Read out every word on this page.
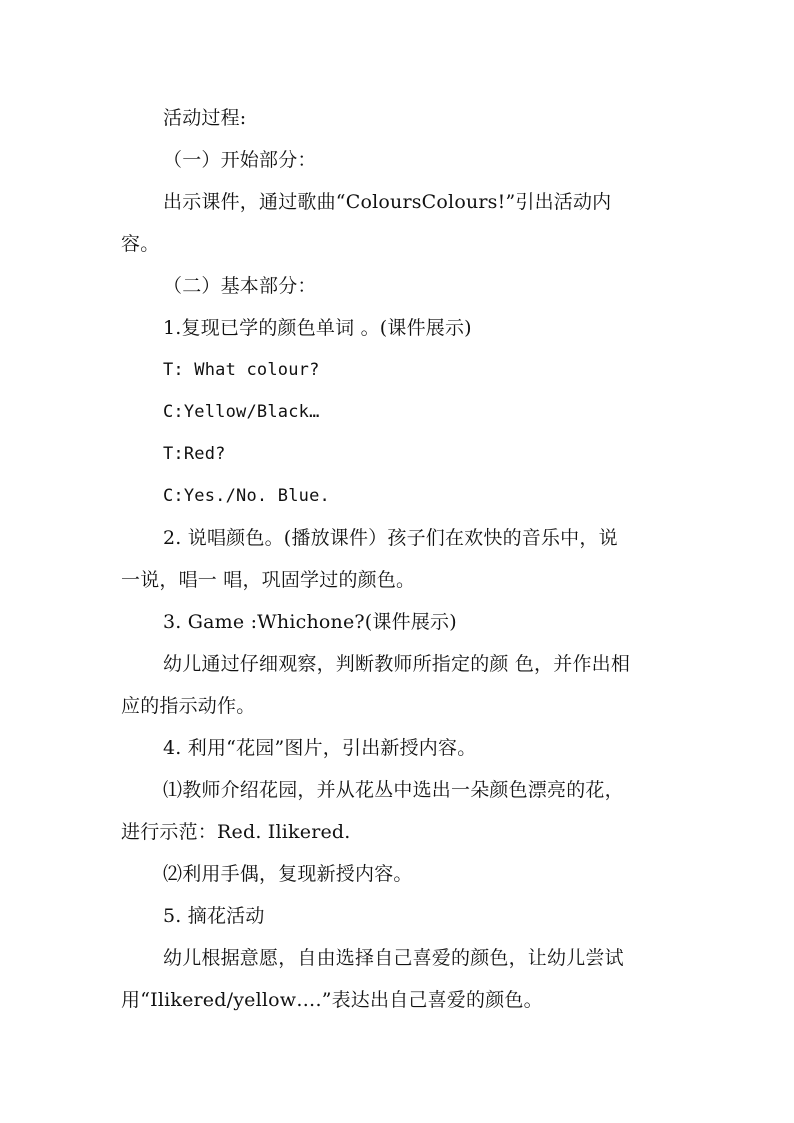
活动过程:
（一）开始部分：
出示课件，通过歌曲“ColoursColours!”引出活动内
容。
（二）基本部分：
1.复现已学的颜色单词 。(课件展示)
T: What colour?
C:Yellow/Black…
T:Red?
C:Yes./No. Blue.
2. 说唱颜色。(播放课件）孩子们在欢快的音乐中，说
一说，唱一 唱，巩固学过的颜色。
3. Game :Whichone?(课件展示)
幼儿通过仔细观察，判断教师所指定的颜 色，并作出相
应的指示动作。
4. 利用“花园”图片，引出新授内容。
⑴教师介绍花园，并从花丛中选出一朵颜色漂亮的花，
进行示范：Red. Ilikered.
⑵利用手偶，复现新授内容。
5. 摘花活动
幼儿根据意愿，自由选择自己喜爱的颜色，让幼儿尝试
用“Ilikered/yellow….”表达出自己喜爱的颜色。
